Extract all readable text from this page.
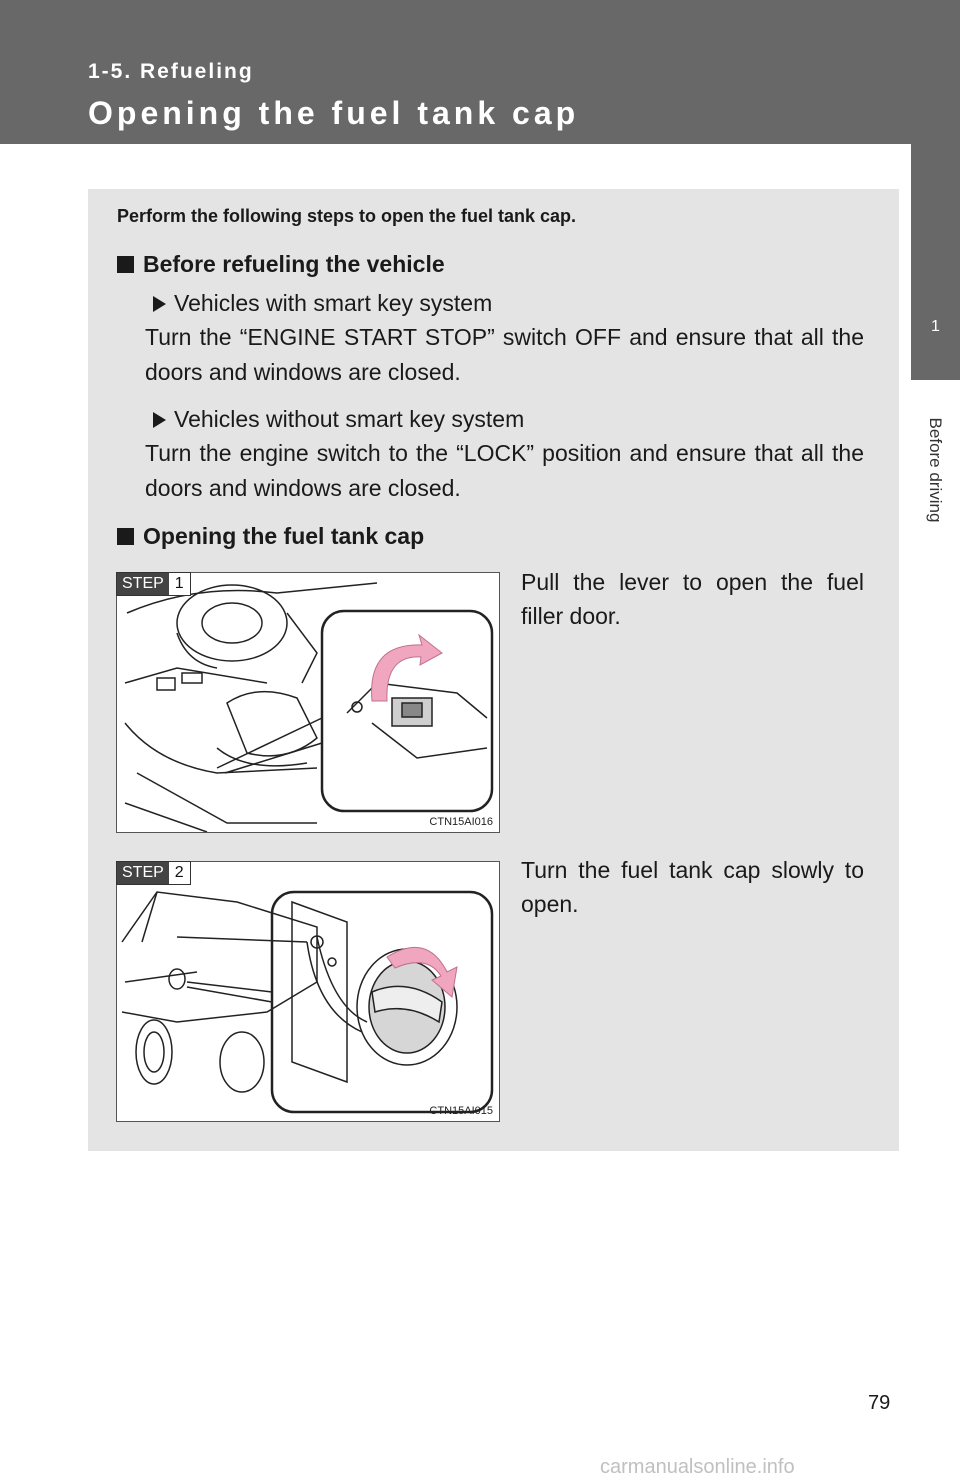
1-5. Refueling
Opening the fuel tank cap
1
Before driving
Perform the following steps to open the fuel tank cap.
Before refueling the vehicle
Vehicles with smart key system
Turn the “ENGINE START STOP” switch OFF and ensure that all the doors and windows are closed.
Vehicles without smart key system
Turn the engine switch to the “LOCK” position and ensure that all the doors and windows are closed.
Opening the fuel tank cap
CTN15AI016
STEP 1	Pull the lever to open the fuel filler door.
CTN15AI015
STEP 2	Turn the fuel tank cap slowly to open.
79
carmanualsonline.info
